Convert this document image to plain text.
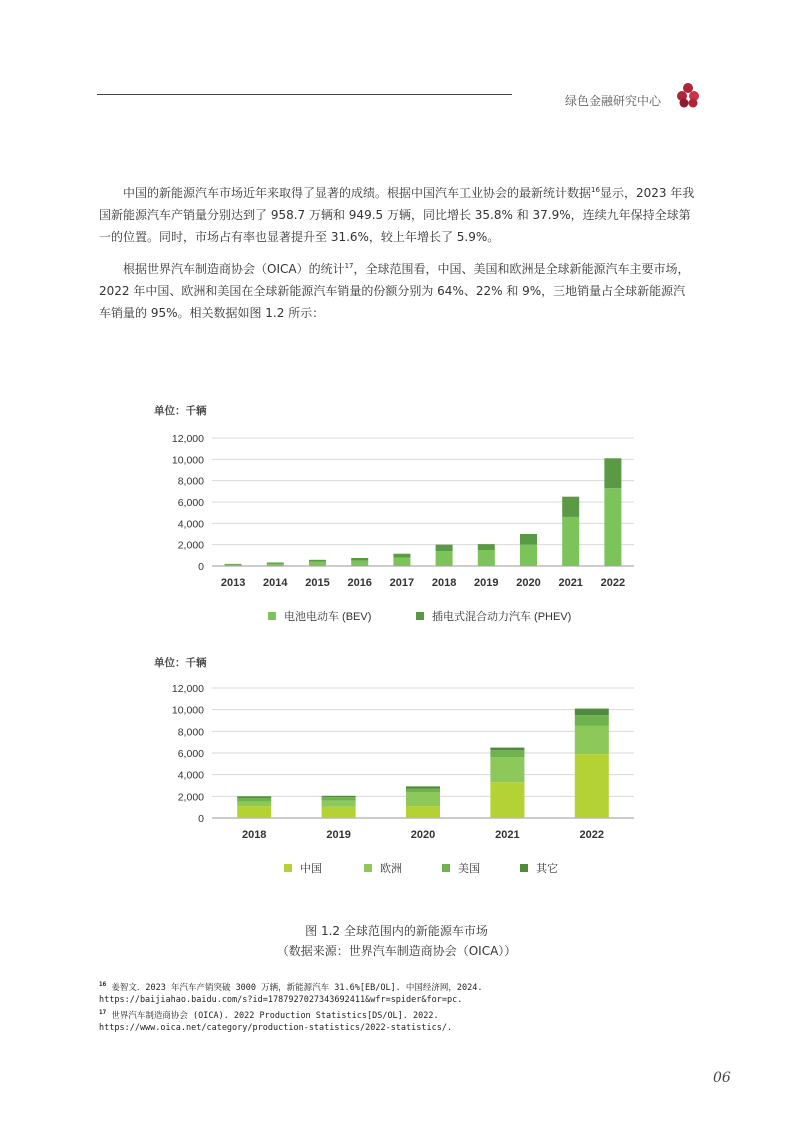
绿色金融研究中心
中国的新能源汽车市场近年来取得了显著的成绩。根据中国汽车工业协会的最新统计数据$^{16}$显示，2023 年我国新能源汽车产销量分别达到了 958.7 万辆和 949.5 万辆，同比增长 35.8% 和 37.9%，连续九年保持全球第一的位置。同时，市场占有率也显著提升至 31.6%，较上年增长了 5.9%。
根据世界汽车制造商协会（OICA）的统计$^{17}$，全球范围看，中国、美国和欧洲是全球新能源汽车主要市场，2022 年中国、欧洲和美国在全球新能源汽车销量的份额分别为 64%、22% 和 9%，三地销量占全球新能源汽车销量的 95%。相关数据如图 1.2 所示：
单位：千辆
0
2,000
4,000
6,000
8,000
10,000
12,000
2013 2014 2015 2016 2017 2018 2019 2020 2021 2022
电池电动车 (BEV)	插电式混合动力汽车 (PHEV)
单位：千辆
0
2,000
4,000
6,000
8,000
10,000
12,000
2018	2019	2020	2021	2022
中国	欧洲	美国	其它
图 1.2 全球范围内的新能源车市场
（数据来源：世界汽车制造商协会（OICA））
$^{16}$ 姜智文．2023 年汽车产销突破 3000 万辆，新能源汽车 31.6%[EB/OL]. 中国经济网，2024.
https://baijiahao.baidu.com/s?id=1787927027343692411&wfr=spider&for=pc.
$^{17}$ 世界汽车制造商协会 (OICA). 2022 Production Statistics[DS/OL]. 2022.
https://www.oica.net/category/production-statistics/2022-statistics/.
06
